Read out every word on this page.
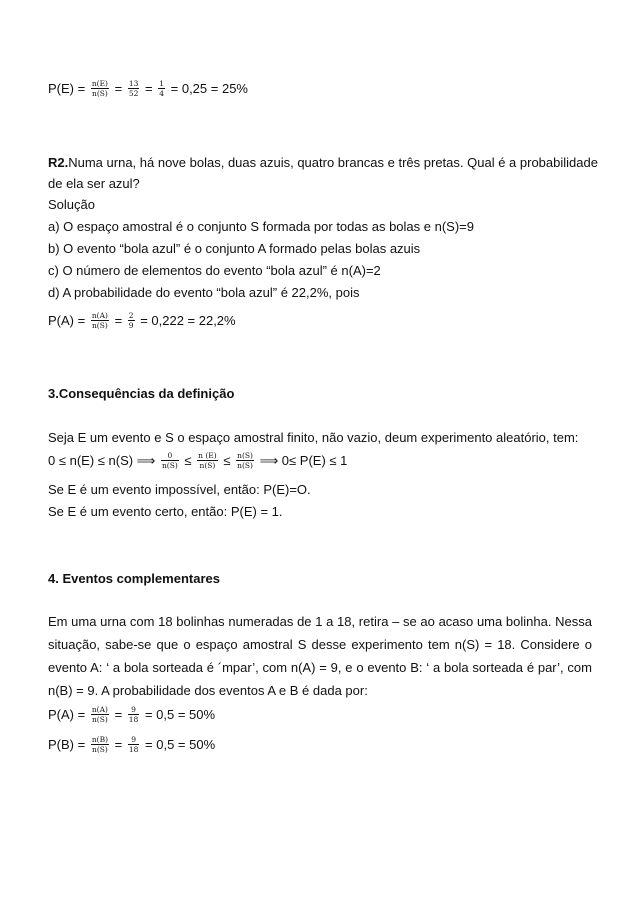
$P(E) = \frac{n(E)}{n(S)} = \frac{13}{52} = \frac{1}{4} = 0,25 = 25\%$
R2.Numa urna, há nove bolas, duas azuis, quatro brancas e três pretas. Qual é a probabilidade
de ela ser azul?
Solução
a) O espaço amostral é o conjunto S formada por todas as bolas e n(S)=9
b) O evento “bola azul” é o conjunto A formado pelas bolas azuis
c) O número de elementos do evento “bola azul” é n(A)=2
d) A probabilidade do evento “bola azul” é 22,2%, pois
$P(A) = \frac{n(A)}{n(S)} = \frac{2}{9} = 0,222 = 22,2\%$
3.Consequências da definição
Seja E um evento e S o espaço amostral finito, não vazio, deum experimento aleatório, tem:
0 ≤ n(E) ≤ n(S) ⟹ $\frac{0}{n(S)} \le \frac{n (E)}{n(S)} \le \frac{n(S)}{n(S)}$ ⟹ 0≤ P(E) ≤ 1
Se E é um evento impossível, então: P(E)=O.
Se E é um evento certo, então: P(E) = 1.
4. Eventos complementares
Em uma urna com 18 bolinhas numeradas de 1 a 18, retira – se ao acaso uma bolinha. Nessa
situação, sabe-se que o espaço amostral S desse experimento tem n(S) = 18. Considere o
evento A: ‘ a bola sorteada é ´mpar’, com n(A) = 9, e o evento B: ‘ a bola sorteada é par’, com
n(B) = 9. A probabilidade dos eventos A e B é dada por:
$P(A) = \frac{n(A)}{n(S)} = \frac{9}{18} = 0,5 = 50\%$
$P(B) = \frac{n(B)}{n(S)} = \frac{9}{18} = 0,5 = 50\%$
